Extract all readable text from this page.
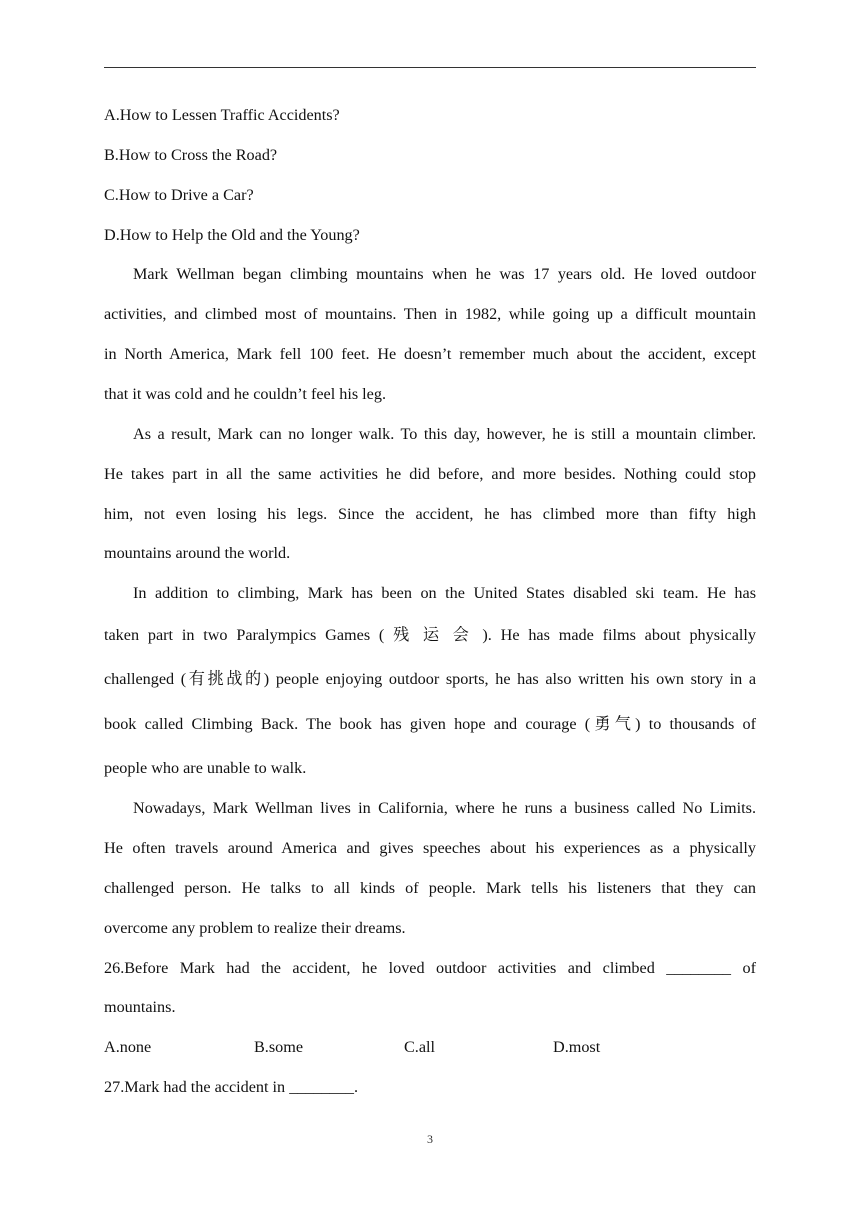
A.How to Lessen Traffic Accidents?
B.How to Cross the Road?
C.How to Drive a Car?
D.How to Help the Old and the Young?
Mark Wellman began climbing mountains when he was 17 years old. He loved outdoor
activities, and climbed most of mountains. Then in 1982, while going up a difficult mountain
in North America, Mark fell 100 feet. He doesn’t remember much about the accident, except
that it was cold and he couldn’t feel his leg.
As a result, Mark can no longer walk. To this day, however, he is still a mountain climber.
He takes part in all the same activities he did before, and more besides. Nothing could stop
him, not even losing his legs. Since the accident, he has climbed more than fifty high
mountains around the world.
In addition to climbing, Mark has been on the United States disabled ski team. He has
taken part in two Paralympics Games ( 残 运 会 ). He has made films about physically
challenged (有挑战的) people enjoying outdoor sports, he has also written his own story in a
book called Climbing Back. The book has given hope and courage (勇气) to thousands of
people who are unable to walk.
Nowadays, Mark Wellman lives in California, where he runs a business called No Limits.
He often travels around America and gives speeches about his experiences as a physically
challenged person. He talks to all kinds of people. Mark tells his listeners that they can
overcome any problem to realize their dreams.
26.Before Mark had the accident, he loved outdoor activities and climbed ________ of
mountains.
A.none	B.some	C.all	D.most
27.Mark had the accident in ________.
3
